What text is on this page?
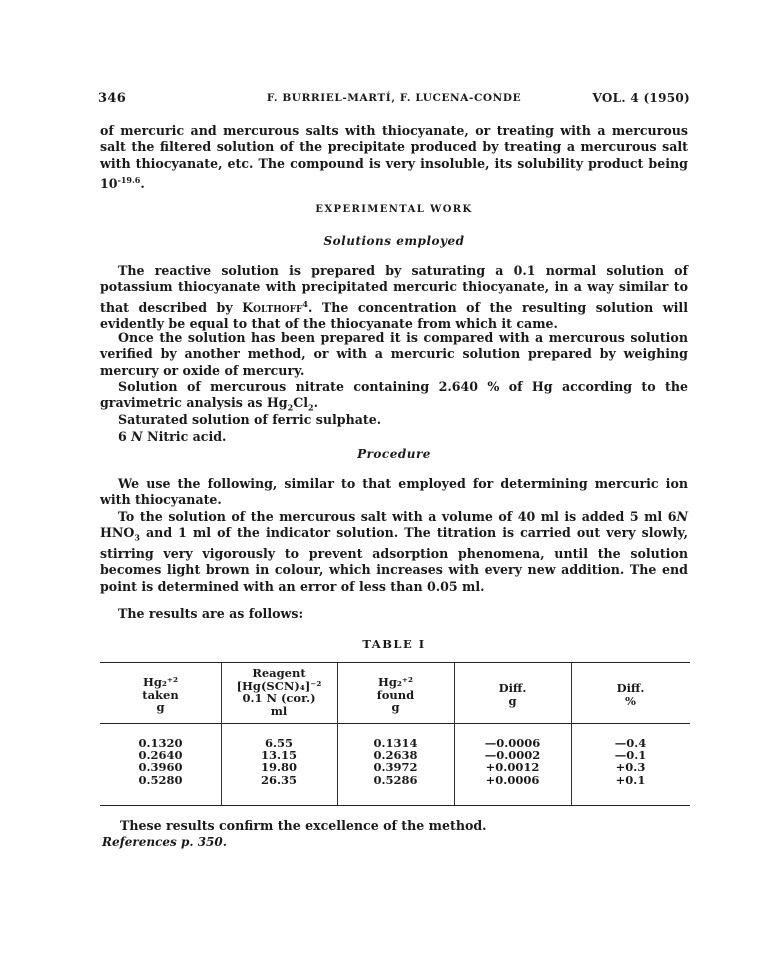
346	F. BURRIEL-MARTÍ, F. LUCENA-CONDE	VOL. 4 (1950)
of mercuric and mercurous salts with thiocyanate, or treating with a mercurous salt the filtered solution of the precipitate produced by treating a mercurous salt with thiocyanate, etc. The compound is very insoluble, its solubility product being $10^{-19.6}$.
EXPERIMENTAL WORK
Solutions employed
The reactive solution is prepared by saturating a 0.1 normal solution of potassium thiocyanate with precipitated mercuric thiocyanate, in a way similar to that described by Kolthoff$^4$. The concentration of the resulting solution will evidently be equal to that of the thiocyanate from which it came.
Once the solution has been prepared it is compared with a mercurous solution verified by another method, or with a mercuric solution prepared by weighing mercury or oxide of mercury.
Solution of mercurous nitrate containing 2.640 % of Hg according to the gravimetric analysis as $Hg_2Cl_2$.
Saturated solution of ferric sulphate.
6 N Nitric acid.
Procedure
We use the following, similar to that employed for determining mercuric ion with thiocyanate.
To the solution of the mercurous salt with a volume of 40 ml is added 5 ml 6N $HNO_3$ and 1 ml of the indicator solution. The titration is carried out very slowly, stirring very vigorously to prevent adsorption phenomena, until the solution becomes light brown in colour, which increases with every new addition. The end point is determined with an error of less than 0.05 ml.
The results are as follows:
TABLE I
Hg₂⁺²
taken
g
Reagent
[Hg(SCN)₄]⁻²
0.1 N (cor.)
ml
Hg₂⁺²
found
g
Diff.
g
Diff.
%
0.1320
0.2640
0.3960
0.5280
6.55
13.15
19.80
26.35
0.1314
0.2638
0.3972
0.5286
—0.0006
—0.0002
+0.0012
+0.0006
—0.4
—0.1
+0.3
+0.1
These results confirm the excellence of the method.
References p. 350.
